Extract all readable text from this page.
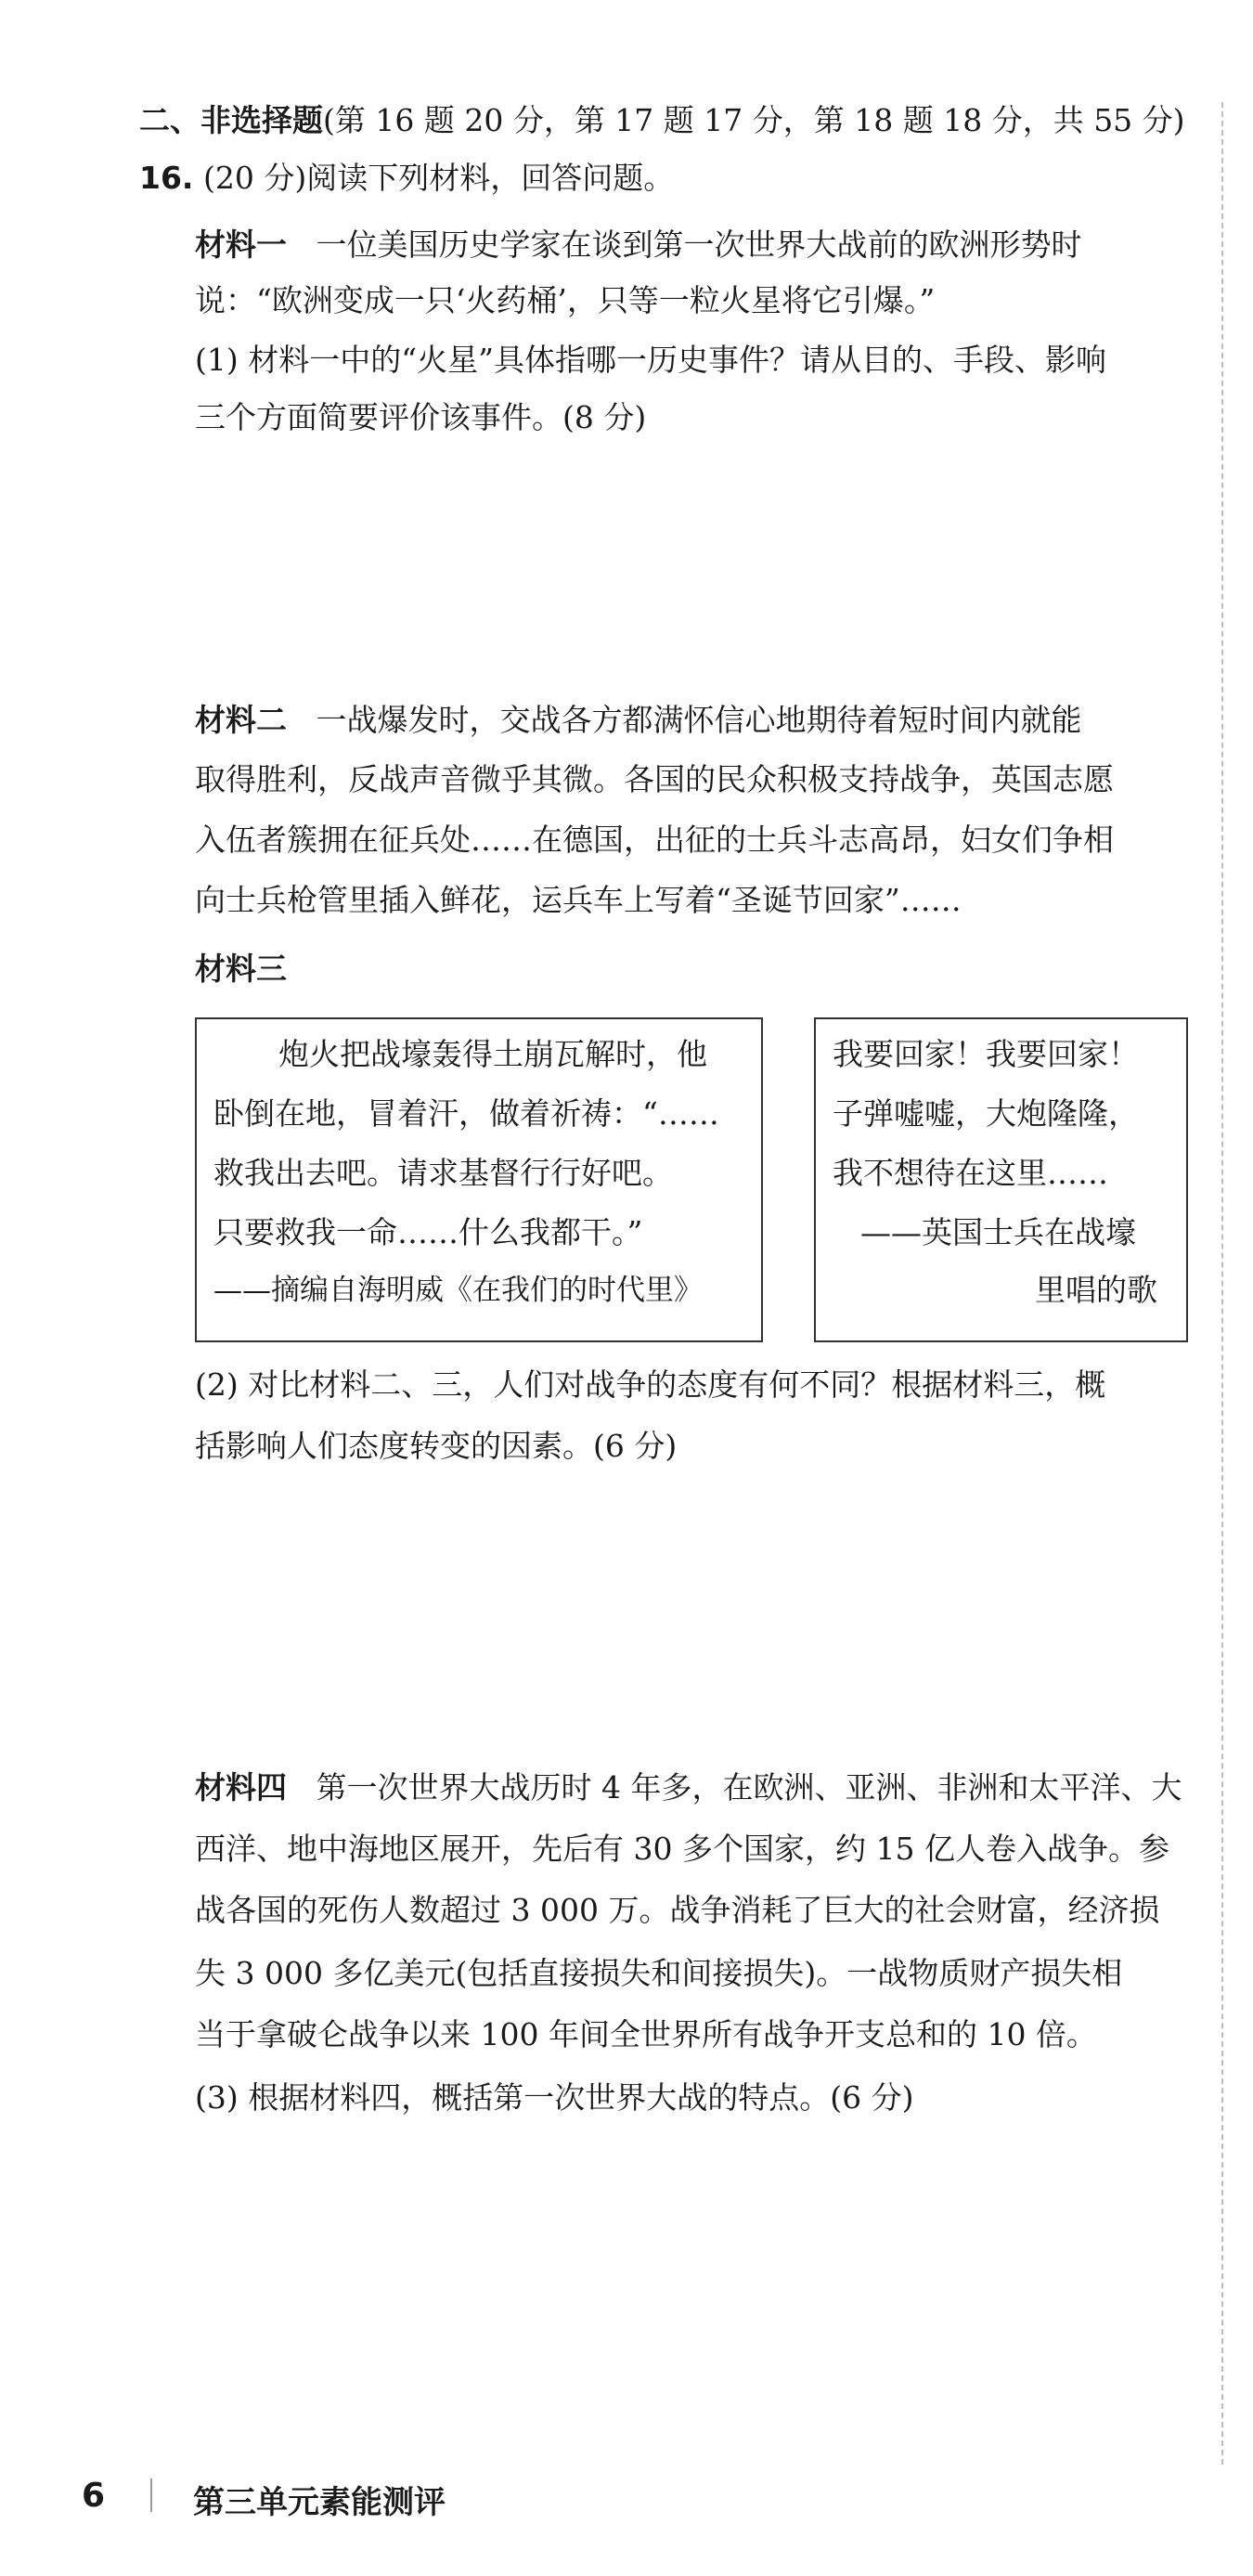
二、非选择题(第 16 题 20 分，第 17 题 17 分，第 18 题 18 分，共 55 分)
16. (20 分)阅读下列材料，回答问题。
材料一 一位美国历史学家在谈到第一次世界大战前的欧洲形势时
说：“欧洲变成一只‘火药桶’，只等一粒火星将它引爆。”
(1) 材料一中的“火星”具体指哪一历史事件？请从目的、手段、影响
三个方面简要评价该事件。(8 分)
材料二 一战爆发时，交战各方都满怀信心地期待着短时间内就能
取得胜利，反战声音微乎其微。各国的民众积极支持战争，英国志愿
入伍者簇拥在征兵处……在德国，出征的士兵斗志高昂，妇女们争相
向士兵枪管里插入鲜花，运兵车上写着“圣诞节回家”……
材料三
炮火把战壕轰得土崩瓦解时，他
卧倒在地，冒着汗，做着祈祷：“……
救我出去吧。请求基督行行好吧。
只要救我一命……什么我都干。”
——摘编自海明威《在我们的时代里》
我要回家！我要回家！
子弹嘘嘘，大炮隆隆，
我不想待在这里……
——英国士兵在战壕
里唱的歌
(2) 对比材料二、三，人们对战争的态度有何不同？根据材料三，概
括影响人们态度转变的因素。(6 分)
材料四 第一次世界大战历时 4 年多，在欧洲、亚洲、非洲和太平洋、大
西洋、地中海地区展开，先后有 30 多个国家，约 15 亿人卷入战争。参
战各国的死伤人数超过 3 000 万。战争消耗了巨大的社会财富，经济损
失 3 000 多亿美元(包括直接损失和间接损失)。一战物质财产损失相
当于拿破仑战争以来 100 年间全世界所有战争开支总和的 10 倍。
(3) 根据材料四，概括第一次世界大战的特点。(6 分)
6	第三单元素能测评
